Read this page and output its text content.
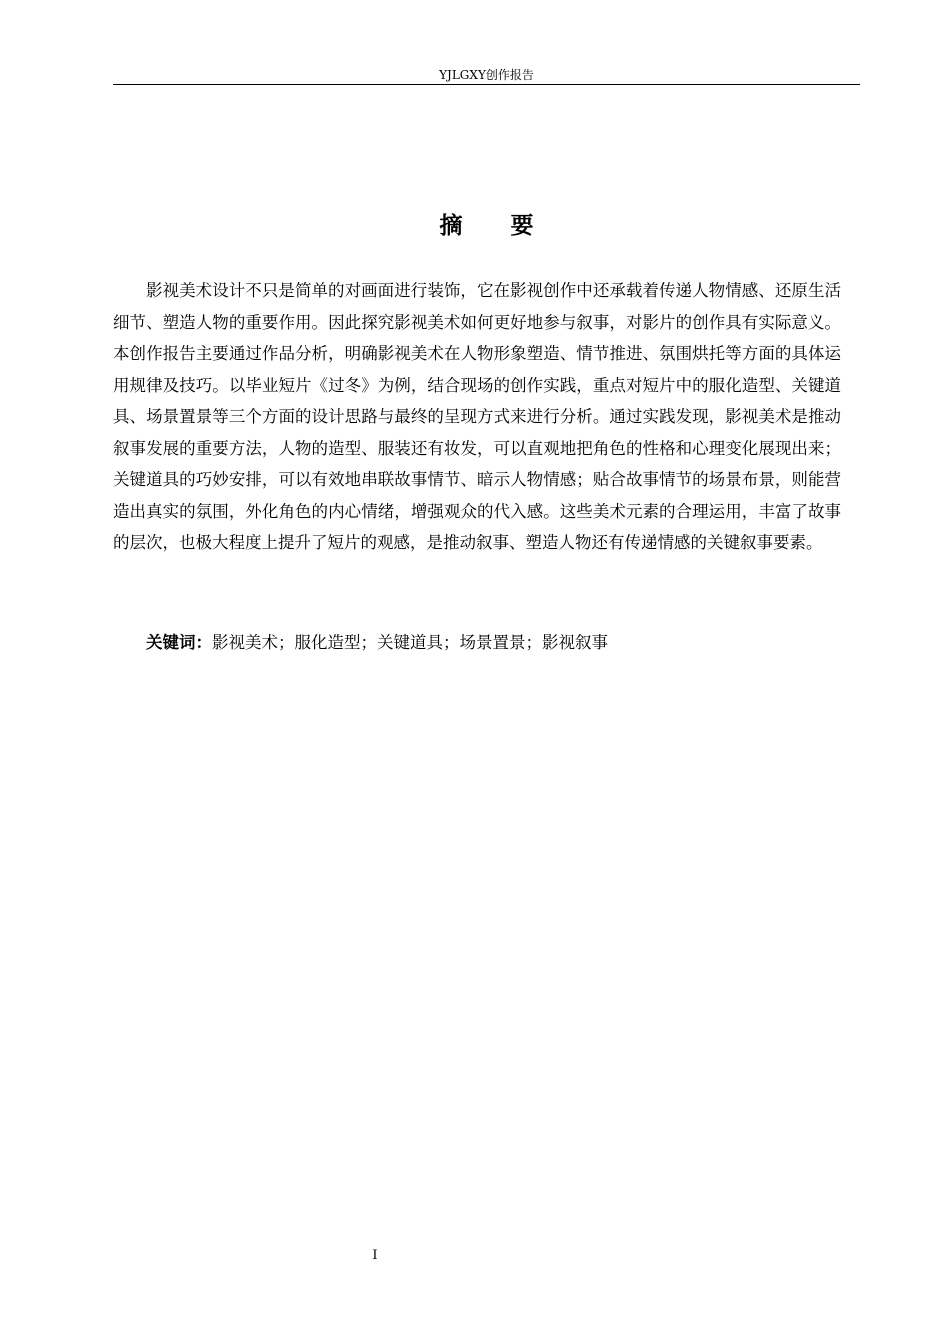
YJLGXY创作报告
摘 要

影视美术设计不只是简单的对画面进行装饰，它在影视创作中还承载着传递人物情感、还原生活细节、塑造人物的重要作用。因此探究影视美术如何更好地参与叙事，对影片的创作具有实际意义。本创作报告主要通过作品分析，明确影视美术在人物形象塑造、情节推进、氛围烘托等方面的具体运用规律及技巧。以毕业短片《过冬》为例，结合现场的创作实践，重点对短片中的服化造型、关键道具、场景置景等三个方面的设计思路与最终的呈现方式来进行分析。通过实践发现，影视美术是推动叙事发展的重要方法，人物的造型、服装还有妆发，可以直观地把角色的性格和心理变化展现出来；关键道具的巧妙安排，可以有效地串联故事情节、暗示人物情感；贴合故事情节的场景布景，则能营造出真实的氛围，外化角色的内心情绪，增强观众的代入感。这些美术元素的合理运用，丰富了故事的层次，也极大程度上提升了短片的观感，是推动叙事、塑造人物还有传递情感的关键叙事要素。

关键词：影视美术；服化造型；关键道具；场景置景；影视叙事

I
